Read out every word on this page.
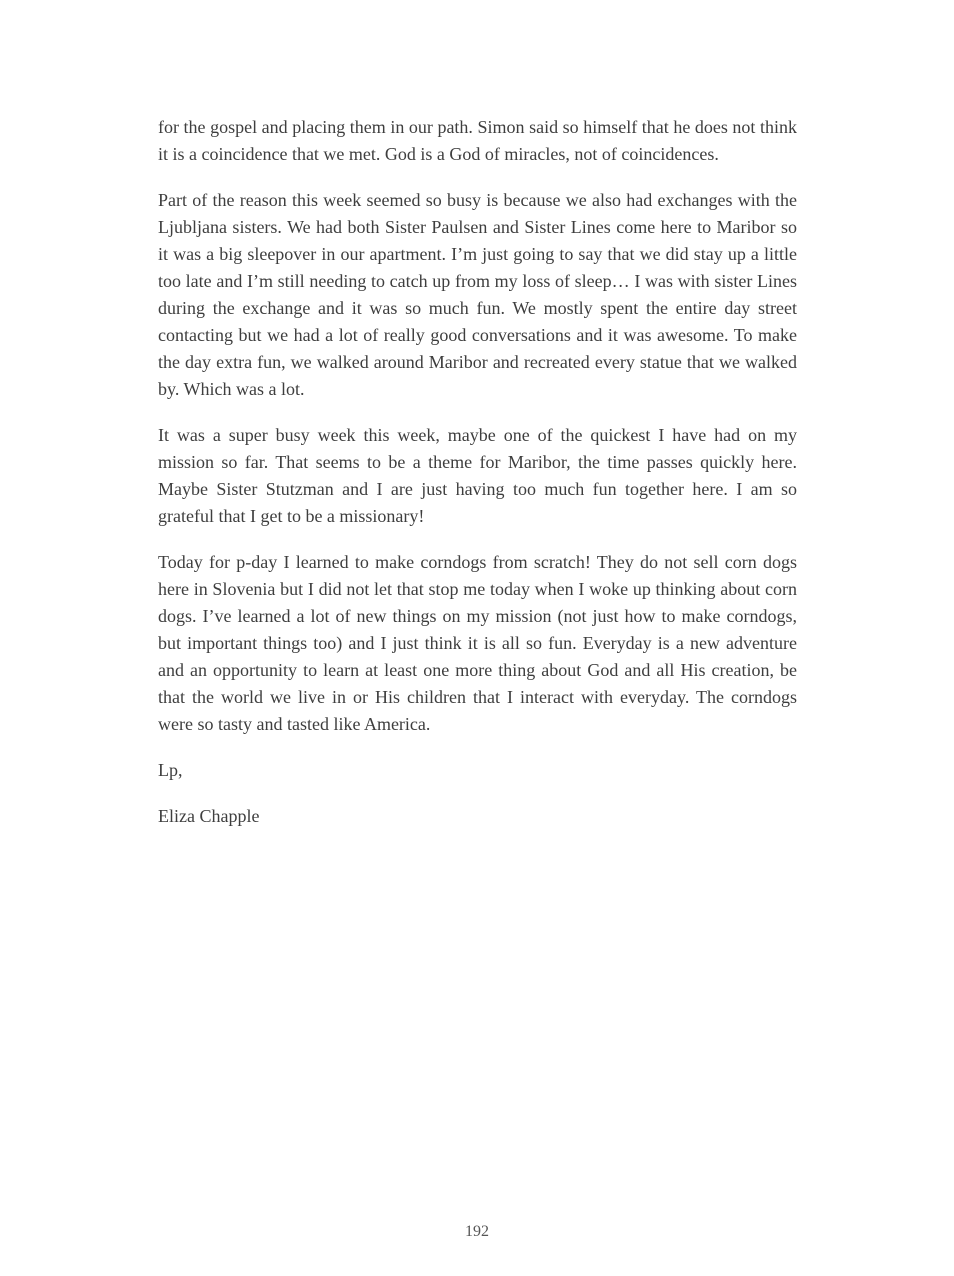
for the gospel and placing them in our path. Simon said so himself that he does not think it is a coincidence that we met. God is a God of miracles, not of coincidences.

Part of the reason this week seemed so busy is because we also had exchanges with the Ljubljana sisters. We had both Sister Paulsen and Sister Lines come here to Maribor so it was a big sleepover in our apartment. I’m just going to say that we did stay up a little too late and I’m still needing to catch up from my loss of sleep… I was with sister Lines during the exchange and it was so much fun. We mostly spent the entire day street contacting but we had a lot of really good conversations and it was awesome. To make the day extra fun, we walked around Maribor and recreated every statue that we walked by. Which was a lot.

It was a super busy week this week, maybe one of the quickest I have had on my mission so far. That seems to be a theme for Maribor, the time passes quickly here. Maybe Sister Stutzman and I are just having too much fun together here. I am so grateful that I get to be a missionary!

Today for p-day I learned to make corndogs from scratch! They do not sell corn dogs here in Slovenia but I did not let that stop me today when I woke up thinking about corn dogs. I’ve learned a lot of new things on my mission (not just how to make corndogs, but important things too) and I just think it is all so fun. Everyday is a new adventure and an opportunity to learn at least one more thing about God and all His creation, be that the world we live in or His children that I interact with everyday. The corndogs were so tasty and tasted like America.

Lp,

Eliza Chapple

192
